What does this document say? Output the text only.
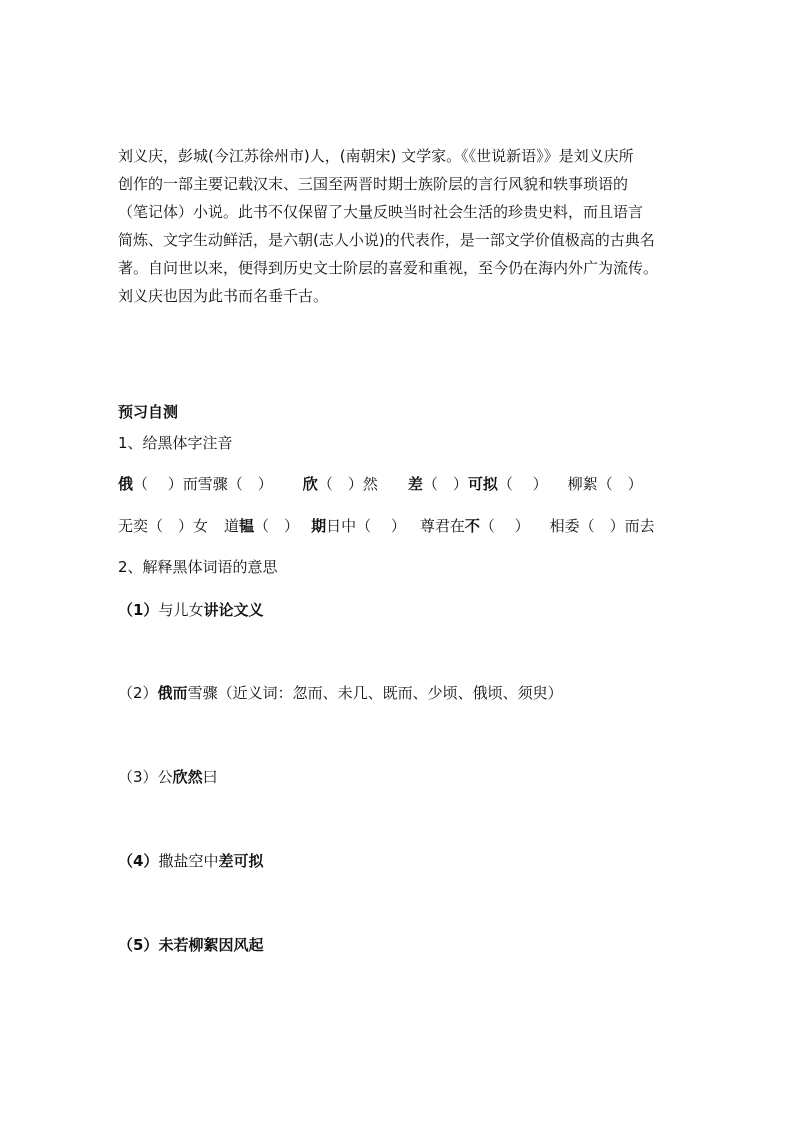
刘义庆，彭城(今江苏徐州市)人，(南朝宋) 文学家。《《世说新语》》是刘义庆所
创作的一部主要记载汉末、三国至两晋时期士族阶层的言行风貌和轶事琐语的
（笔记体）小说。此书不仅保留了大量反映当时社会生活的珍贵史料，而且语言
简炼、文字生动鲜活，是六朝(志人小说)的代表作，是一部文学价值极高的古典名
著。自问世以来，便得到历史文士阶层的喜爱和重视，至今仍在海内外广为流传。
刘义庆也因为此书而名垂千古。
预习自测
1、给黑体字注音
俄（　 ）而雪骤（　） 欣（　）然 差（　）可拟（　 ） 柳絮（　）
无奕（　）女 道韫（　） 期日中（　 ） 尊君在不（　 ） 相委（　）而去
2、解释黑体词语的意思
（1）与儿女讲论文义
（2）俄而雪骤（近义词：忽而、未几、既而、少顷、俄顷、须臾）
（3）公欣然曰
（4）撒盐空中差可拟
（5）未若柳絮因风起
